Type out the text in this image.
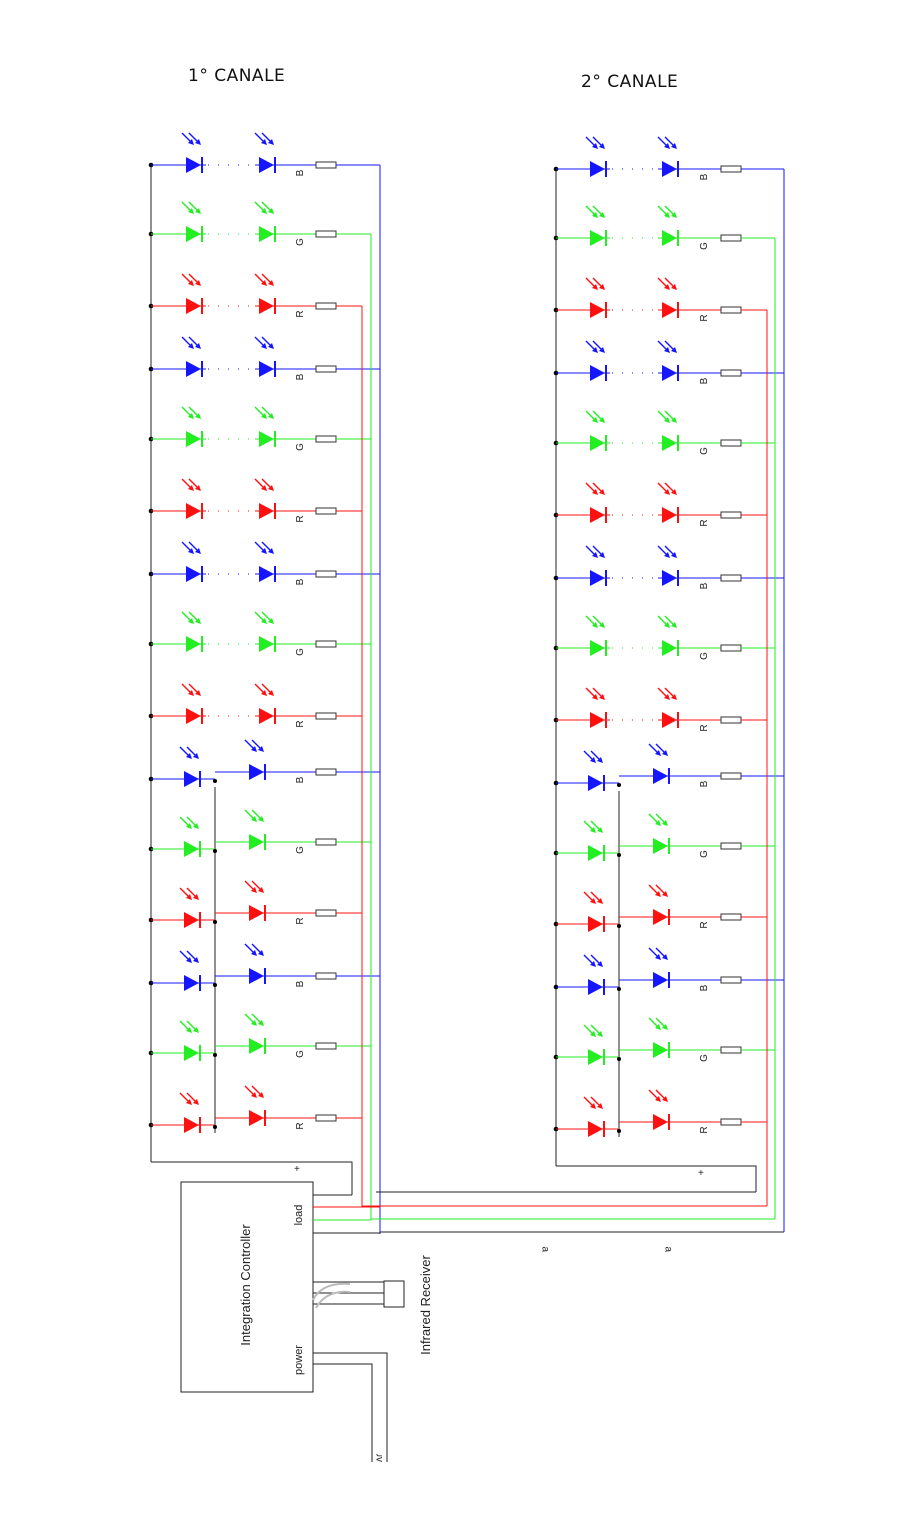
1° CANALE	2° CANALE
+
B
G
R
B
G
R
B
G
R
B
G
R
B
G
R
+
B
G
R
B
G
R
B
G
R
B
G
R
B
G
R
Integration Controller
load
power
Infrared Receiver
ʌɾ
ɐ	ɐ
